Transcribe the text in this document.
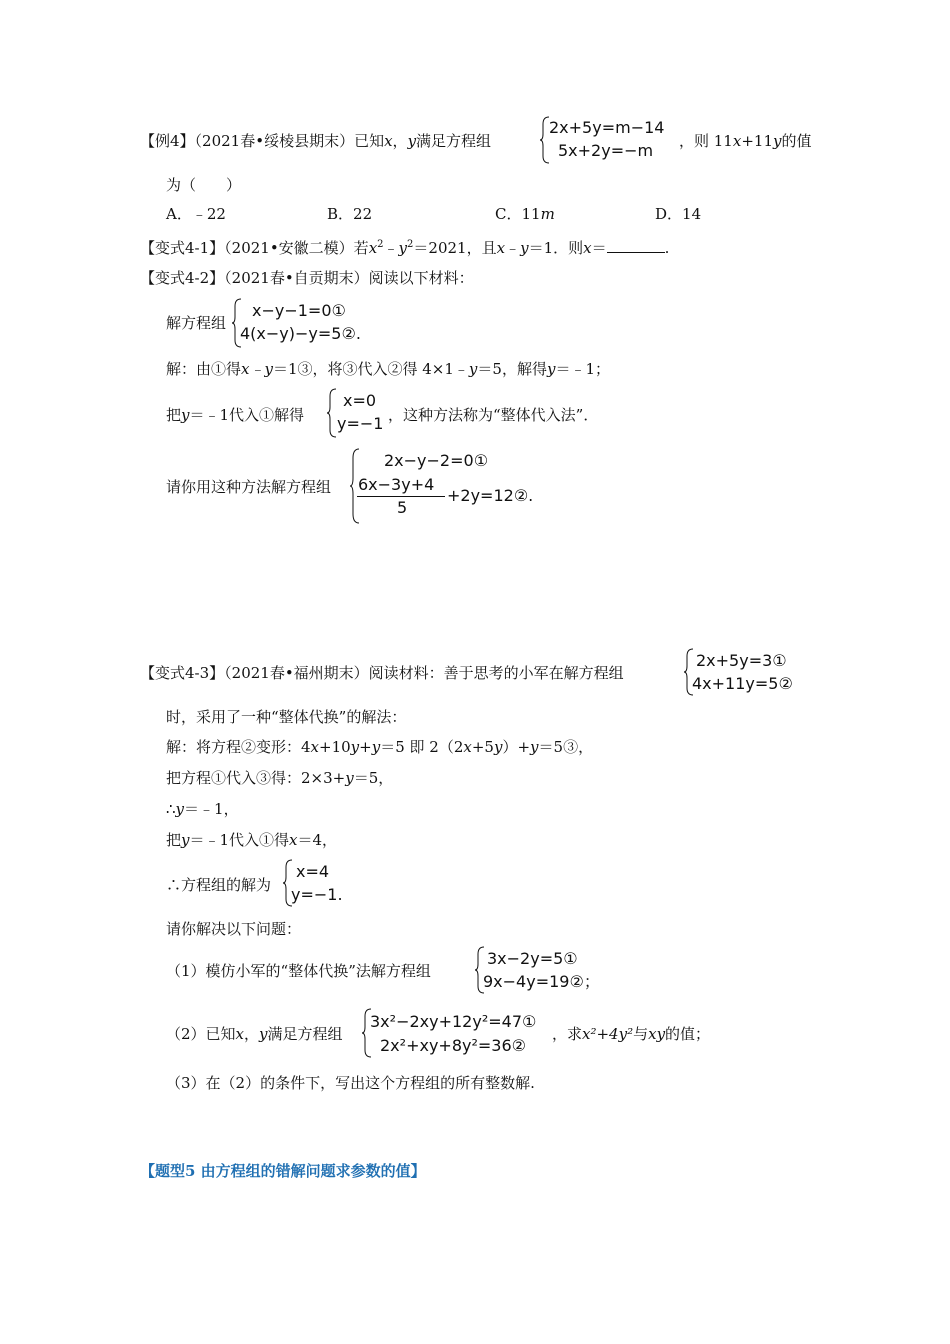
【例4】（2021春•绥棱县期末）已知x，y满足方程组
2x+5y=m−14
5x+2y=−m ，则 11x+11y的值
为（　　）
A．﹣22	B．22	C．11m	D．14
【变式4-1】（2021•安徽二模）若$x^2﹣y^2=2021$，且x﹣y＝1．则x＝	.
【变式4-2】（2021春•自贡期末）阅读以下材料：
解方程组
x−y−1=0①
4(x−y)−y=5②.
解：由①得x﹣y＝1③，将③代入②得 4×1﹣y＝5，解得y＝﹣1；
把y＝﹣1代入①解得
x=0
y=−1 ，这种方法称为“整体代入法”．
请你用这种方法解方程组
2x−y−2=0①
6x−3y+4
5
+2y=12②.
【变式4-3】（2021春•福州期末）阅读材料：善于思考的小军在解方程组
2x+5y=3①
4x+11y=5②
时，采用了一种“整体代换”的解法：
解：将方程②变形：4x+10y+y＝5 即 2（2x+5y）+y＝5③，
把方程①代入③得：2×3+y＝5，
∴y＝﹣1，
把y＝﹣1代入①得x＝4，
∴方程组的解为
x=4
y=−1.
请你解决以下问题：
（1）模仿小军的“整体代换”法解方程组
3x−2y=5①
9x−4y=19②；
（2）已知x，y满足方程组
3x²−2xy+12y²=47①
2x²+xy+8y²=36②
，求x²+4y²与xy的值；
（3）在（2）的条件下，写出这个方程组的所有整数解.
【题型5 由方程组的错解问题求参数的值】
